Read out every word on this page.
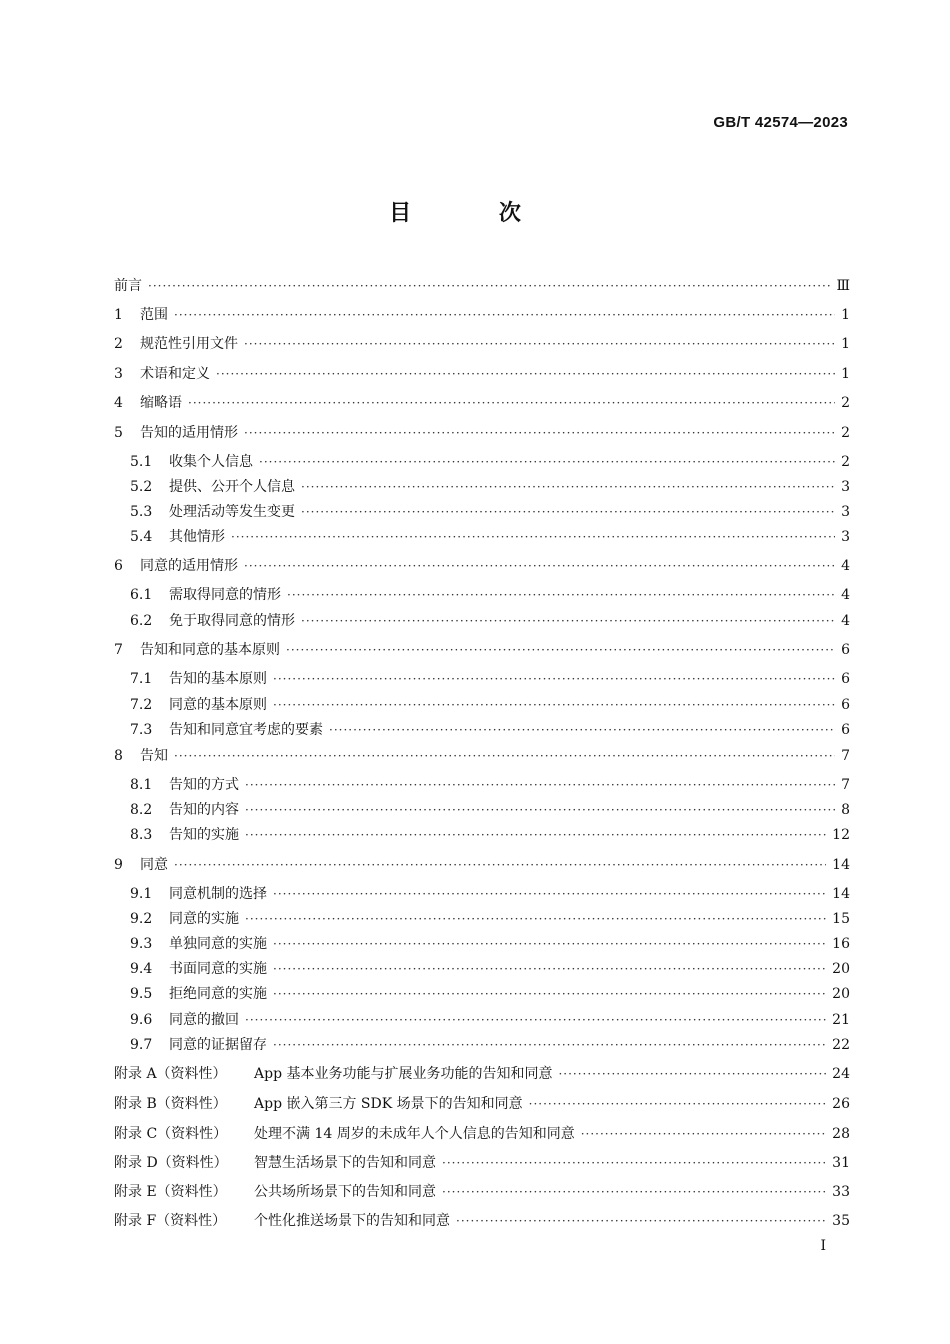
GB/T 42574—2023
目 次
前言 ·····	Ⅲ
1	范围 ·····	1
2	规范性引用文件 ·····	1
3	术语和定义 ·····	1
4	缩略语 ·····	2
5	告知的适用情形 ·····	2
5.1	收集个人信息 ·····	2
5.2	提供、公开个人信息 ·····	3
5.3	处理活动等发生变更 ·····	3
5.4	其他情形 ·····	3
6	同意的适用情形 ·····	4
6.1	需取得同意的情形 ·····	4
6.2	免于取得同意的情形 ·····	4
7	告知和同意的基本原则 ·····	6
7.1	告知的基本原则 ·····	6
7.2	同意的基本原则 ·····	6
7.3	告知和同意宜考虑的要素 ·····	6
8	告知 ·····	7
8.1	告知的方式 ·····	7
8.2	告知的内容 ·····	8
8.3	告知的实施 ·····	12
9	同意 ·····	14
9.1	同意机制的选择 ·····	14
9.2	同意的实施 ·····	15
9.3	单独同意的实施 ·····	16
9.4	书面同意的实施 ·····	20
9.5	拒绝同意的实施 ·····	20
9.6	同意的撤回 ·····	21
9.7	同意的证据留存 ·····	22
附录 A（资料性）	App 基本业务功能与扩展业务功能的告知和同意 ·····	24
附录 B（资料性）	App 嵌入第三方 SDK 场景下的告知和同意 ·····	26
附录 C（资料性）	处理不满 14 周岁的未成年人个人信息的告知和同意 ·····	28
附录 D（资料性）	智慧生活场景下的告知和同意 ·····	31
附录 E（资料性）	公共场所场景下的告知和同意 ·····	33
附录 F（资料性）	个性化推送场景下的告知和同意 ·····	35
I
